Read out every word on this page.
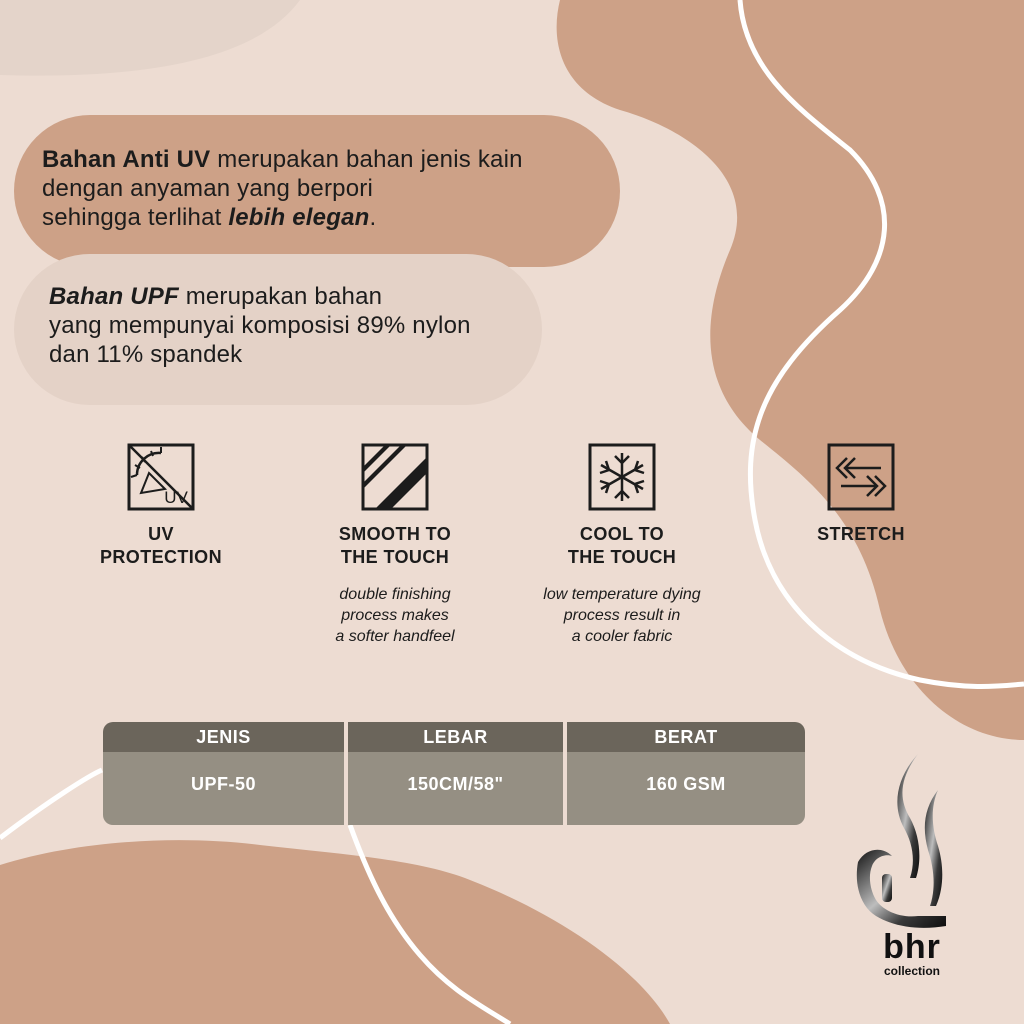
Bahan Anti UV merupakan bahan jenis kain

dengan anyaman yang berpori

sehingga terlihat lebih elegan.

Bahan UPF merupakan bahan

yang mempunyai komposisi 89% nylon

dan 11% spandek

UV
UV
PROTECTION
SMOOTH TO
THE TOUCH
double finishing
process makes
a softer handfeel
COOL TO
THE TOUCH
low temperature dying
process result in
a cooler fabric
STRETCH
JENIS
UPF-50
LEBAR
150CM/58"
BERAT
160 GSM
bhr
collection
